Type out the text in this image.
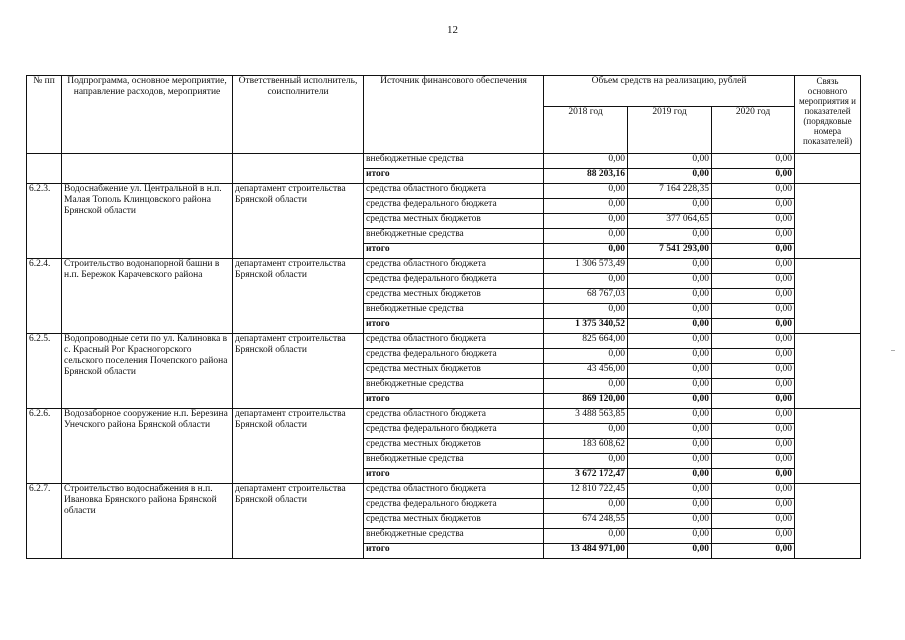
12
№ пп	Подпрограмма, основное мероприятие, направление расходов, мероприятие	Ответственный исполнитель, соисполнители	Источник финансового обеспечения	Объем средств на реализацию, рублей			Связь основного мероприятия и показателей (порядковые номера показателей)
				2018 год	2019 год	2020 год	
			внебюджетные средства	0,00	0,00	0,00	
			итого	88 203,16	0,00	0,00	
6.2.3.	Водоснабжение ул. Центральной в н.п. Малая Тополь Клинцовского района Брянской области	департамент строительства Брянской области	средства областного бюджета	0,00	7 164 228,35	0,00	
			средства федерального бюджета	0,00	0,00	0,00	
			средства местных бюджетов	0,00	377 064,65	0,00	
			внебюджетные средства	0,00	0,00	0,00	
			итого	0,00	7 541 293,00	0,00	
6.2.4.	Строительство водонапорной башни в н.п. Бережок Карачевского района	департамент строительства Брянской области	средства областного бюджета	1 306 573,49	0,00	0,00	
			средства федерального бюджета	0,00	0,00	0,00	
			средства местных бюджетов	68 767,03	0,00	0,00	
			внебюджетные средства	0,00	0,00	0,00	
			итого	1 375 340,52	0,00	0,00	
6.2.5.	Водопроводные сети по ул. Калиновка в с. Красный Рог Красногорского сельского поселения Почепского района Брянской области	департамент строительства Брянской области	средства областного бюджета	825 664,00	0,00	0,00	
			средства федерального бюджета	0,00	0,00	0,00	
			средства местных бюджетов	43 456,00	0,00	0,00	
			внебюджетные средства	0,00	0,00	0,00	
			итого	869 120,00	0,00	0,00	
6.2.6.	Водозаборное сооружение н.п. Березина Унечского района Брянской области	департамент строительства Брянской области	средства областного бюджета	3 488 563,85	0,00	0,00	
			средства федерального бюджета	0,00	0,00	0,00	
			средства местных бюджетов	183 608,62	0,00	0,00	
			внебюджетные средства	0,00	0,00	0,00	
			итого	3 672 172,47	0,00	0,00	
6.2.7.	Строительство водоснабжения в н.п. Ивановка Брянского района Брянской области	департамент строительства Брянской области	средства областного бюджета	12 810 722,45	0,00	0,00	
			средства федерального бюджета	0,00	0,00	0,00	
			средства местных бюджетов	674 248,55	0,00	0,00	
			внебюджетные средства	0,00	0,00	0,00	
			итого	13 484 971,00	0,00	0,00	
